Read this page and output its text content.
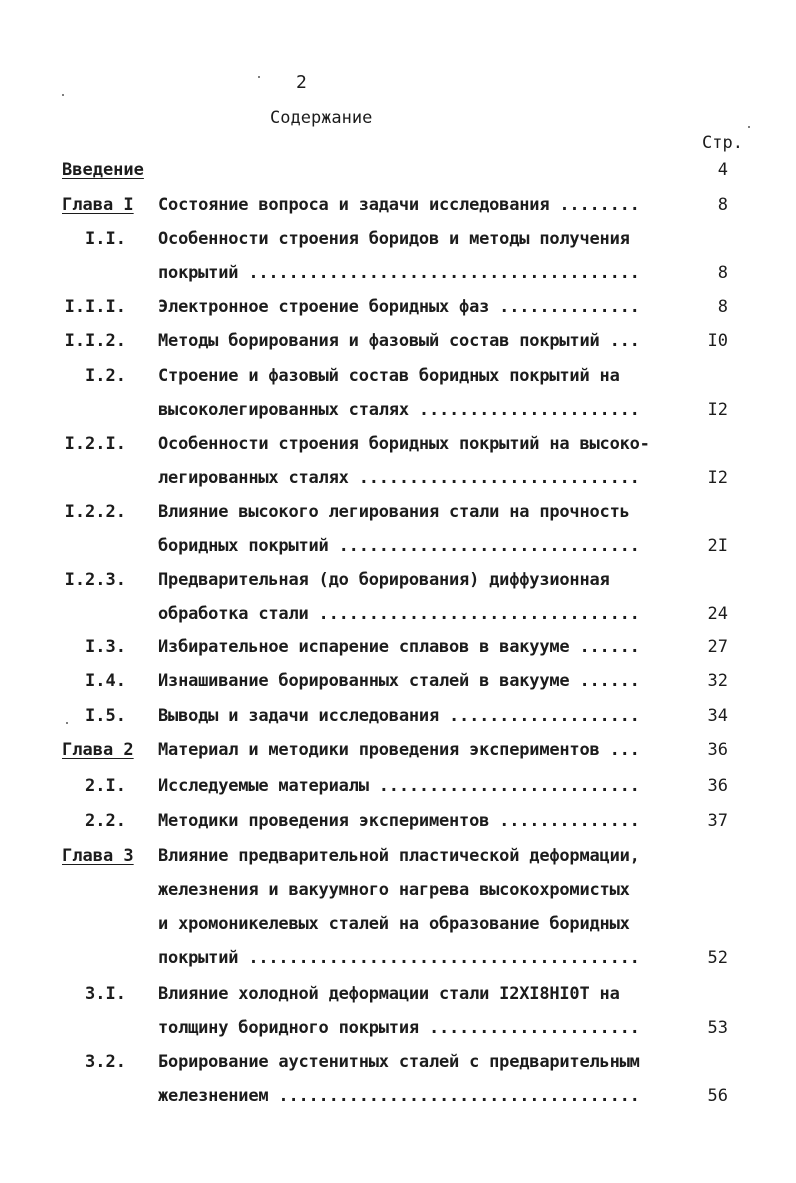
2
Содержание
Стр.
Введение	4
Глава I Состояние вопроса и задачи исследования ........	8
I.I. Особенности строения боридов и методы получения
покрытий .......................................	8
I.I.I. Электронное строение боридных фаз ..............	8
I.I.2. Методы борирования и фазовый состав покрытий ...	I0
I.2. Строение и фазовый состав боридных покрытий на
высоколегированных сталях ......................	I2
I.2.I. Особенности строения боридных покрытий на высоко-
легированных сталях ............................	I2
I.2.2. Влияние высокого легирования стали на прочность
боридных покрытий ..............................	2I
I.2.3. Предварительная (до борирования) диффузионная
обработка стали ................................	24
I.3. Избирательное испарение сплавов в вакууме ......	27
I.4. Изнашивание борированных сталей в вакууме ......	32
I.5. Выводы и задачи исследования ...................	34
Глава 2 Материал и методики проведения экспериментов ...	36
2.I. Исследуемые материалы ..........................	36
2.2. Методики проведения экспериментов ..............	37
Глава 3 Влияние предварительной пластической деформации,
железнения и вакуумного нагрева высокохромистых
и хромоникелевых сталей на образование боридных
покрытий .......................................	52
3.I. Влияние холодной деформации стали I2XI8HI0T на
толщину боридного покрытия .....................	53
3.2. Борирование аустенитных сталей с предварительным
железнением ....................................	56
